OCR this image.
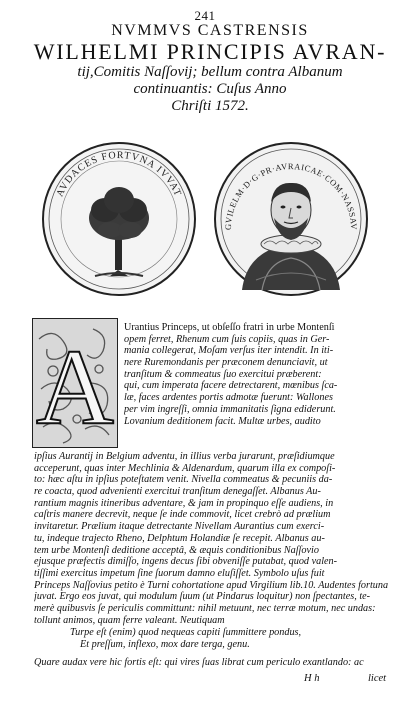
241
NVMMVS CASTRENSIS
WILHELMI PRINCIPIS AVRAN-
tij,Comitis Naſſovij; bellum contra Albanum
continuantis: Cuſus Anno
Chriſti 1572.
AVDACES FORTVNA IVVAT
GVILELM·D·G·PR·AVRAICAE·COM·NASSAV
A
Urantius Princeps, ut obſeſſo fratri in urbe Montenſi
opem ferret, Rhenum cum ſuis copiis, quas in Ger-
mania collegerat, Moſam verſus iter intendit. In iti-
nere Ruremondanis per præconem denunciavit, ut
tranſitum & commeatus ſuo exercitui præberent:
qui, cum imperata facere detrectarent, mœnibus ſca-
læ, faces ardentes portis admotæ fuerunt: Wallones
per vim ingreſſi, omnia immanitatis ſigna ediderunt.
Lovanium deditionem facit. Multæ urbes, audito
ipſius Aurantij in Belgium adventu, in illius verba jurarunt, præſidiumque
acceperunt, quas inter Mechlinia & Aldenardum, quarum illa ex compoſi-
to: hæc aſtu in ipſius poteſtatem venit. Nivella commeatus & pecuniis da-
re coacta, quod advenienti exercitui tranſitum denegaſſet. Albanus Au-
rantium magnis itineribus adventare, & jam in propinquo eſſe audiens, in
caſtris manere decrevit, neque ſe inde commovit, licet crebrò ad prælium
invitaretur. Prælium itaque detrectante Nivellam Aurantius cum exerci-
tu, indeque trajecto Rheno, Delphtum Holandiæ ſe recepit. Albanus au-
tem urbe Montenſi deditione acceptâ, & æquis conditionibus Naſſovio
ejusque præfectis dimiſſo, ingens decus ſibi obveniſſe putabat, quod valen-
tiſſimi exercitus impetum ſine ſuorum damno eluſiſſet. Symbolo uſus fuit
Princeps Naſſovius petito è Turni cohortatione apud Virgilium lib.10. Audentes fortuna
juvat. Ergo eos juvat, qui modulum ſuum (ut Pindarus loquitur) non ſpectantes, te-
merè quibusvis ſe periculis committunt: nihil metuunt, nec terræ motum, nec undas:
tollunt animos, quam ferre valeant. Neutiquam
Turpe eſt (enim) quod nequeas capiti ſummittere pondus,
Et preſſum, inflexo, mox dare terga, genu.
Quare audax vere hic fortis eſt: qui vires ſuas librat cum periculo exantlando: ac
H h	licet
